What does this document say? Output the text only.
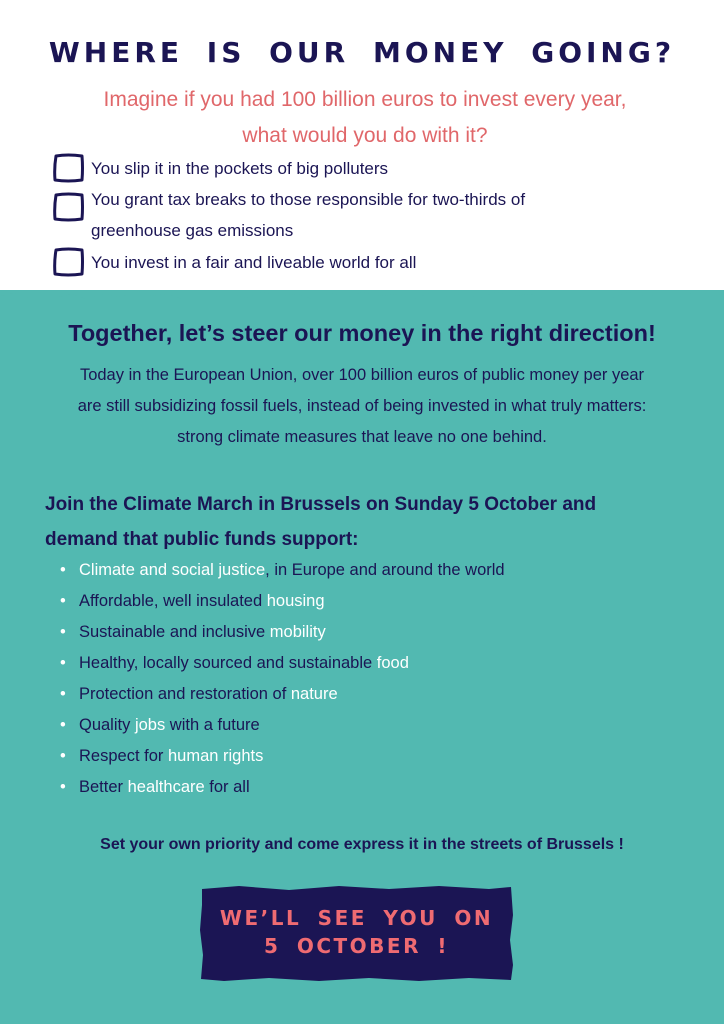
WHERE IS OUR MONEY GOING?

Imagine if you had 100 billion euros to invest every year,

what would you do with it?

You slip it in the pockets of big polluters
You grant tax breaks to those responsible for two-thirds of greenhouse gas emissions
You invest in a fair and liveable world for all
Together, let’s steer our money in the right direction!

Today in the European Union, over 100 billion euros of public money per year
are still subsidizing fossil fuels, instead of being invested in what truly matters:
strong climate measures that leave no one behind.

Join the Climate March in Brussels on Sunday 5 October and
demand that public funds support:

• Climate and social justice, in Europe and around the world
• Affordable, well insulated housing
• Sustainable and inclusive mobility
• Healthy, locally sourced and sustainable food
• Protection and restoration of nature
• Quality jobs with a future
• Respect for human rights
• Better healthcare for all

Set your own priority and come express it in the streets of Brussels !

WE’LL SEE YOU ON
5 OCTOBER !
